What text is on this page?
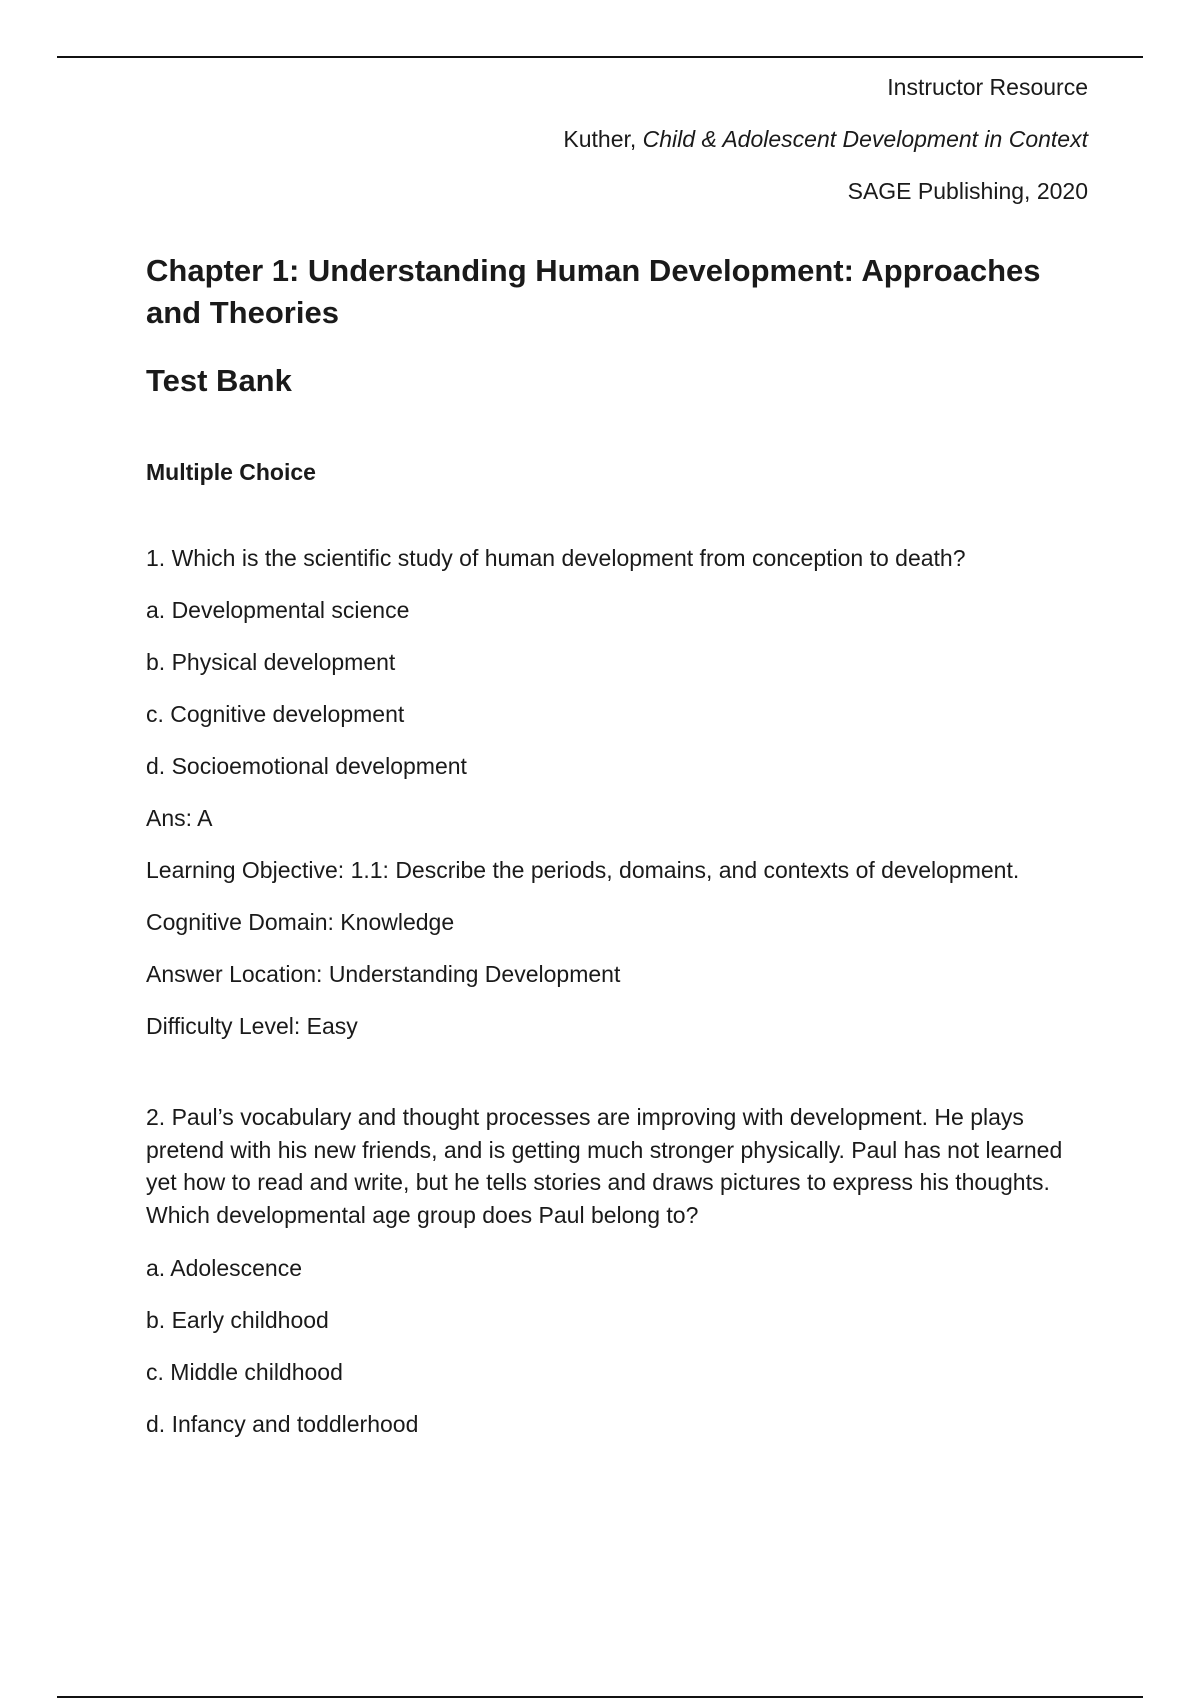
Instructor Resource
Kuther, Child & Adolescent Development in Context
SAGE Publishing, 2020
Chapter 1: Understanding Human Development: Approaches and Theories
Test Bank
Multiple Choice

1. Which is the scientific study of human development from conception to death?

a. Developmental science

b. Physical development

c. Cognitive development

d. Socioemotional development

Ans: A

Learning Objective: 1.1: Describe the periods, domains, and contexts of development.

Cognitive Domain: Knowledge

Answer Location: Understanding Development

Difficulty Level: Easy

2. Paul’s vocabulary and thought processes are improving with development. He plays pretend with his new friends, and is getting much stronger physically. Paul has not learned yet how to read and write, but he tells stories and draws pictures to express his thoughts. Which developmental age group does Paul belong to?

a. Adolescence

b. Early childhood

c. Middle childhood

d. Infancy and toddlerhood
